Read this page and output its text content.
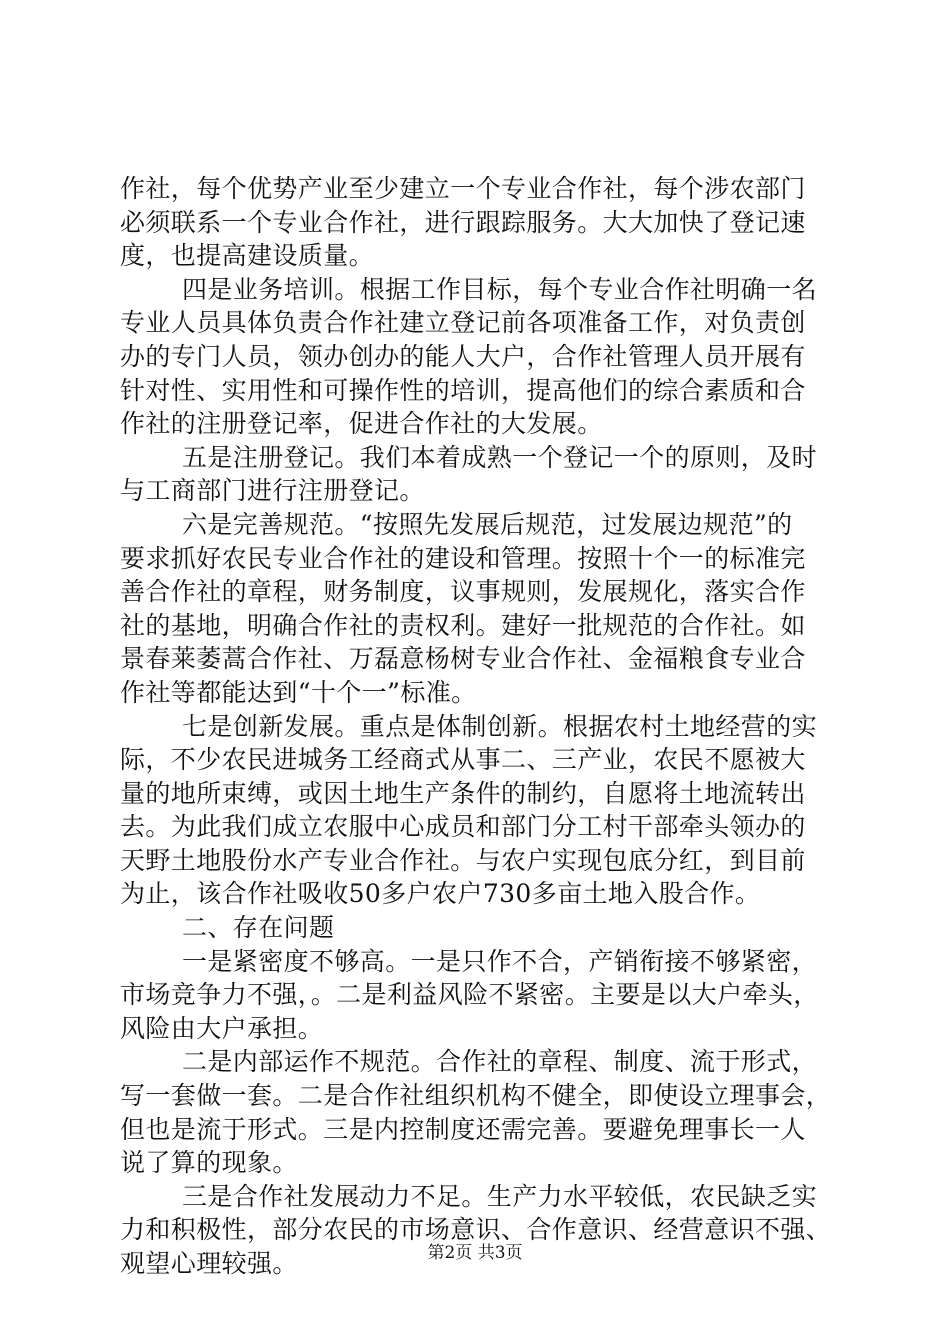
作社，每个优势产业至少建立一个专业合作社，每个涉农部门
必须联系一个专业合作社，进行跟踪服务。大大加快了登记速
度，也提高建设质量。
四是业务培训。根据工作目标，每个专业合作社明确一名
专业人员具体负责合作社建立登记前各项准备工作，对负责创
办的专门人员，领办创办的能人大户，合作社管理人员开展有
针对性、实用性和可操作性的培训，提高他们的综合素质和合
作社的注册登记率，促进合作社的大发展。
五是注册登记。我们本着成熟一个登记一个的原则，及时
与工商部门进行注册登记。
六是完善规范。“按照先发展后规范，过发展边规范”的
要求抓好农民专业合作社的建设和管理。按照十个一的标准完
善合作社的章程，财务制度，议事规则，发展规化，落实合作
社的基地，明确合作社的责权利。建好一批规范的合作社。如
景春莱萎蒿合作社、万磊意杨树专业合作社、金福粮食专业合
作社等都能达到“十个一”标准。
七是创新发展。重点是体制创新。根据农村土地经营的实
际，不少农民进城务工经商式从事二、三产业，农民不愿被大
量的地所束缚，或因土地生产条件的制约，自愿将土地流转出
去。为此我们成立农服中心成员和部门分工村干部牵头领办的
天野土地股份水产专业合作社。与农户实现包底分红，到目前
为止，该合作社吸收50多户农户730多亩土地入股合作。
二、存在问题
一是紧密度不够高。一是只作不合，产销衔接不够紧密，
市场竞争力不强，。二是利益风险不紧密。主要是以大户牵头，
风险由大户承担。
二是内部运作不规范。合作社的章程、制度、流于形式，
写一套做一套。二是合作社组织机构不健全，即使设立理事会，
但也是流于形式。三是内控制度还需完善。要避免理事长一人
说了算的现象。
三是合作社发展动力不足。生产力水平较低，农民缺乏实
力和积极性，部分农民的市场意识、合作意识、经营意识不强、
观望心理较强。	第2页 共3页
